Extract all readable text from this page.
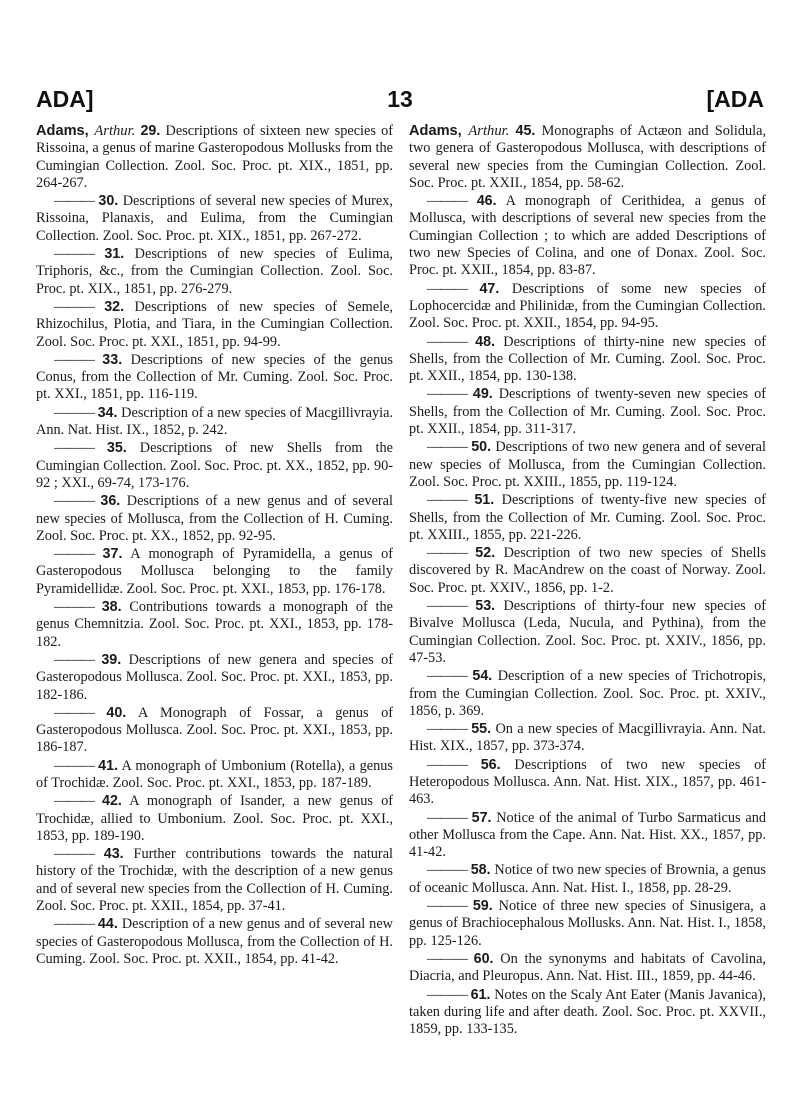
ADA]	13	[ADA

Adams, Arthur. 29. Descriptions of sixteen new species of Rissoina, a genus of marine Gasteropodous Mollusks from the Cumingian Collection. Zool. Soc. Proc. pt. XIX., 1851, pp. 264-267.

——— 30. Descriptions of several new species of Murex, Rissoina, Planaxis, and Eulima, from the Cumingian Collection. Zool. Soc. Proc. pt. XIX., 1851, pp. 267-272.

——— 31. Descriptions of new species of Eulima, Triphoris, &c., from the Cumingian Collection. Zool. Soc. Proc. pt. XIX., 1851, pp. 276-279.

——— 32. Descriptions of new species of Semele, Rhizochilus, Plotia, and Tiara, in the Cumingian Collection. Zool. Soc. Proc. pt. XXI., 1851, pp. 94-99.

——— 33. Descriptions of new species of the genus Conus, from the Collection of Mr. Cuming. Zool. Soc. Proc. pt. XXI., 1851, pp. 116-119.

——— 34. Description of a new species of Macgillivrayia. Ann. Nat. Hist. IX., 1852, p. 242.

——— 35. Descriptions of new Shells from the Cumingian Collection. Zool. Soc. Proc. pt. XX., 1852, pp. 90-92 ; XXI., 69-74, 173-176.

——— 36. Descriptions of a new genus and of several new species of Mollusca, from the Collection of H. Cuming. Zool. Soc. Proc. pt. XX., 1852, pp. 92-95.

——— 37. A monograph of Pyramidella, a genus of Gasteropodous Mollusca belonging to the family Pyramidellidæ. Zool. Soc. Proc. pt. XXI., 1853, pp. 176-178.

——— 38. Contributions towards a monograph of the genus Chemnitzia. Zool. Soc. Proc. pt. XXI., 1853, pp. 178-182.

——— 39. Descriptions of new genera and species of Gasteropodous Mollusca. Zool. Soc. Proc. pt. XXI., 1853, pp. 182-186.

——— 40. A Monograph of Fossar, a genus of Gasteropodous Mollusca. Zool. Soc. Proc. pt. XXI., 1853, pp. 186-187.

——— 41. A monograph of Umbonium (Rotella), a genus of Trochidæ. Zool. Soc. Proc. pt. XXI., 1853, pp. 187-189.

——— 42. A monograph of Isander, a new genus of Trochidæ, allied to Umbonium. Zool. Soc. Proc. pt. XXI., 1853, pp. 189-190.

——— 43. Further contributions towards the natural history of the Trochidæ, with the description of a new genus and of several new species from the Collection of H. Cuming. Zool. Soc. Proc. pt. XXII., 1854, pp. 37-41.

——— 44. Description of a new genus and of several new species of Gasteropodous Mollusca, from the Collection of H. Cuming. Zool. Soc. Proc. pt. XXII., 1854, pp. 41-42.

Adams, Arthur. 45. Monographs of Actæon and Solidula, two genera of Gasteropodous Mollusca, with descriptions of several new species from the Cumingian Collection. Zool. Soc. Proc. pt. XXII., 1854, pp. 58-62.

——— 46. A monograph of Cerithidea, a genus of Mollusca, with descriptions of several new species from the Cumingian Collection ; to which are added Descriptions of two new Species of Colina, and one of Donax. Zool. Soc. Proc. pt. XXII., 1854, pp. 83-87.

——— 47. Descriptions of some new species of Lophocercidæ and Philinidæ, from the Cumingian Collection. Zool. Soc. Proc. pt. XXII., 1854, pp. 94-95.

——— 48. Descriptions of thirty-nine new species of Shells, from the Collection of Mr. Cuming. Zool. Soc. Proc. pt. XXII., 1854, pp. 130-138.

——— 49. Descriptions of twenty-seven new species of Shells, from the Collection of Mr. Cuming. Zool. Soc. Proc. pt. XXII., 1854, pp. 311-317.

——— 50. Descriptions of two new genera and of several new species of Mollusca, from the Cumingian Collection. Zool. Soc. Proc. pt. XXIII., 1855, pp. 119-124.

——— 51. Descriptions of twenty-five new species of Shells, from the Collection of Mr. Cuming. Zool. Soc. Proc. pt. XXIII., 1855, pp. 221-226.

——— 52. Description of two new species of Shells discovered by R. MacAndrew on the coast of Norway. Zool. Soc. Proc. pt. XXIV., 1856, pp. 1-2.

——— 53. Descriptions of thirty-four new species of Bivalve Mollusca (Leda, Nucula, and Pythina), from the Cumingian Collection. Zool. Soc. Proc. pt. XXIV., 1856, pp. 47-53.

——— 54. Description of a new species of Trichotropis, from the Cumingian Collection. Zool. Soc. Proc. pt. XXIV., 1856, p. 369.

——— 55. On a new species of Macgillivrayia. Ann. Nat. Hist. XIX., 1857, pp. 373-374.

——— 56. Descriptions of two new species of Heteropodous Mollusca. Ann. Nat. Hist. XIX., 1857, pp. 461-463.

——— 57. Notice of the animal of Turbo Sarmaticus and other Mollusca from the Cape. Ann. Nat. Hist. XX., 1857, pp. 41-42.

——— 58. Notice of two new species of Brownia, a genus of oceanic Mollusca. Ann. Nat. Hist. I., 1858, pp. 28-29.

——— 59. Notice of three new species of Sinusigera, a genus of Brachiocephalous Mollusks. Ann. Nat. Hist. I., 1858, pp. 125-126.

——— 60. On the synonyms and habitats of Cavolina, Diacria, and Pleuropus. Ann. Nat. Hist. III., 1859, pp. 44-46.

——— 61. Notes on the Scaly Ant Eater (Manis Javanica), taken during life and after death. Zool. Soc. Proc. pt. XXVII., 1859, pp. 133-135.
